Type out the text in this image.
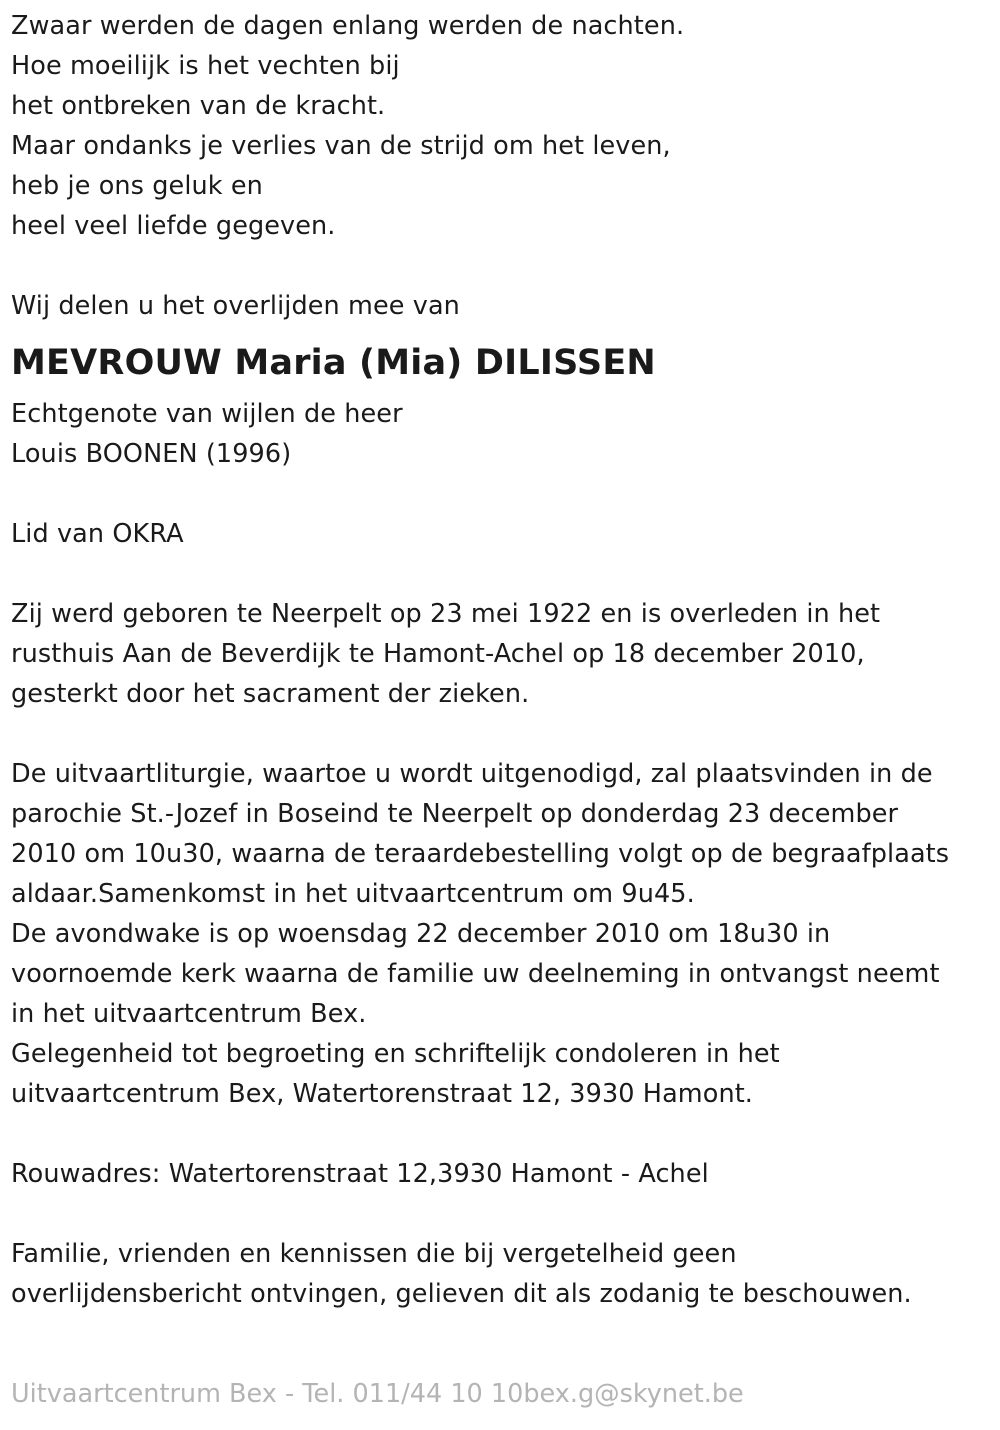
Zwaar werden de dagen enlang werden de nachten.
Hoe moeilijk is het vechten bij
het ontbreken van de kracht.
Maar ondanks je verlies van de strijd om het leven,
heb je ons geluk en
heel veel liefde gegeven.
Wij delen u het overlijden mee van
MEVROUW Maria (Mia) DILISSEN
Echtgenote van wijlen de heer
Louis BOONEN (1996)
Lid van OKRA
Zij werd geboren te Neerpelt op 23 mei 1922 en is overleden in het
rusthuis Aan de Beverdijk te Hamont-Achel op 18 december 2010,
gesterkt door het sacrament der zieken.
De uitvaartliturgie, waartoe u wordt uitgenodigd, zal plaatsvinden in de
parochie St.-Jozef in Boseind te Neerpelt op donderdag 23 december
2010 om 10u30, waarna de teraardebestelling volgt op de begraafplaats
aldaar.Samenkomst in het uitvaartcentrum om 9u45.
De avondwake is op woensdag 22 december 2010 om 18u30 in
voornoemde kerk waarna de familie uw deelneming in ontvangst neemt
in het uitvaartcentrum Bex.
Gelegenheid tot begroeting en schriftelijk condoleren in het
uitvaartcentrum Bex, Watertorenstraat 12, 3930 Hamont.
Rouwadres: Watertorenstraat 12,3930 Hamont - Achel
Familie, vrienden en kennissen die bij vergetelheid geen
overlijdensbericht ontvingen, gelieven dit als zodanig te beschouwen.
Uitvaartcentrum Bex - Tel. 011/44 10 10bex.g@skynet.be
